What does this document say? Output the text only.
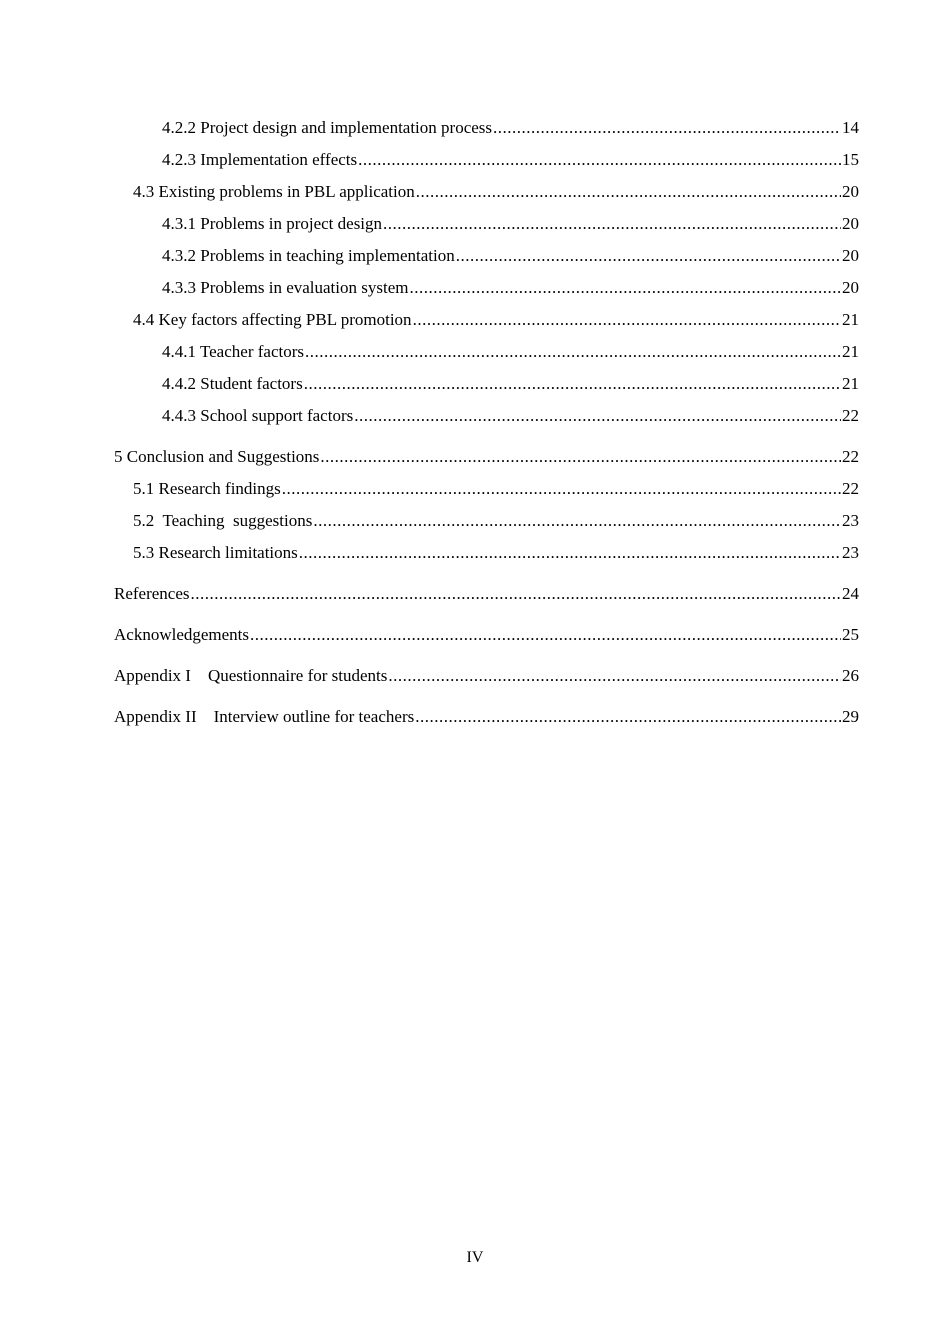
4.2.2 Project design and implementation process .....	14
4.2.3 Implementation effects .....	15
4.3 Existing problems in PBL application .....	20
4.3.1 Problems in project design .....	20
4.3.2 Problems in teaching implementation .....	20
4.3.3 Problems in evaluation system .....	20
4.4 Key factors affecting PBL promotion .....	21
4.4.1 Teacher factors .....	21
4.4.2 Student factors .....	21
4.4.3 School support factors .....	22
5 Conclusion and Suggestions .....	22
5.1 Research findings .....	22
5.2  Teaching  suggestions .....	23
5.3 Research limitations .....	23
References .....	24
Acknowledgements .....	25
Appendix I    Questionnaire for students .....	26
Appendix II    Interview outline for teachers .....	29
IV
